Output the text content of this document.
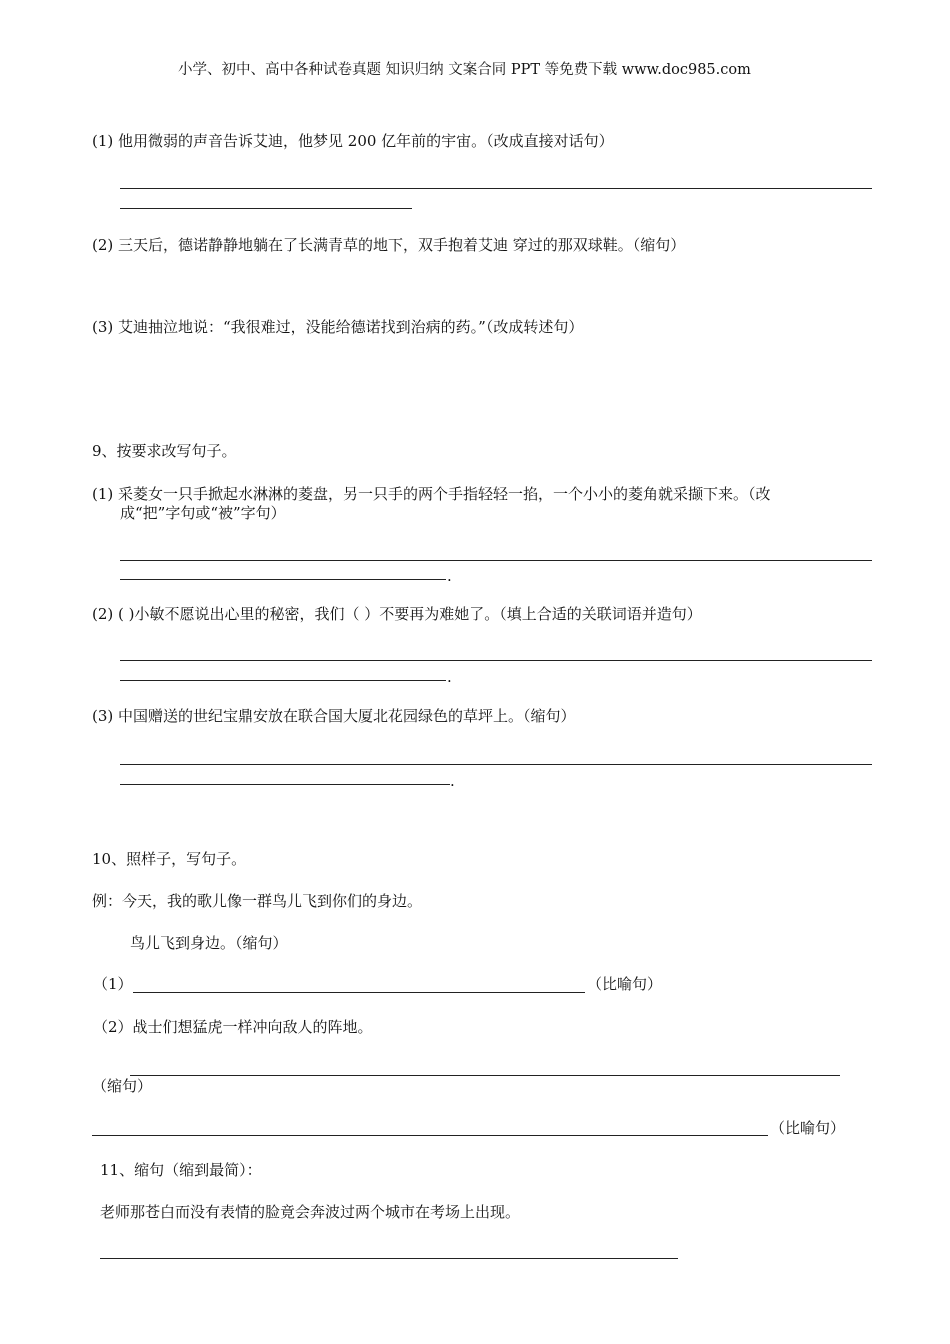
小学、初中、高中各种试卷真题 知识归纳 文案合同 PPT 等免费下载 www.doc985.com
(1) 他用微弱的声音告诉艾迪，他梦见 200 亿年前的宇宙。（改成直接对话句）
(2) 三天后，德诺静静地躺在了长满青草的地下，双手抱着艾迪 穿过的那双球鞋。（缩句）
(3) 艾迪抽泣地说：“我很难过，没能给德诺找到治病的药。”（改成转述句）
9、按要求改写句子。
(1) 采菱女一只手掀起水淋淋的菱盘，另一只手的两个手指轻轻一掐，一个小小的菱角就采撷下来。（改
成“把”字句或“被”字句）
.
(2) ( )小敏不愿说出心里的秘密，我们（ ）不要再为难她了。（填上合适的关联词语并造句）
.
(3) 中国赠送的世纪宝鼎安放在联合国大厦北花园绿色的草坪上。（缩句）
.
10、照样子，写句子。
例：今天，我的歌儿像一群鸟儿飞到你们的身边。
鸟儿飞到身边。（缩句）
（1）	（比喻句）
（2）战士们想猛虎一样冲向敌人的阵地。
（缩句）
（比喻句）
11、缩句（缩到最简）：
老师那苍白而没有表情的脸竟会奔波过两个城市在考场上出现。
